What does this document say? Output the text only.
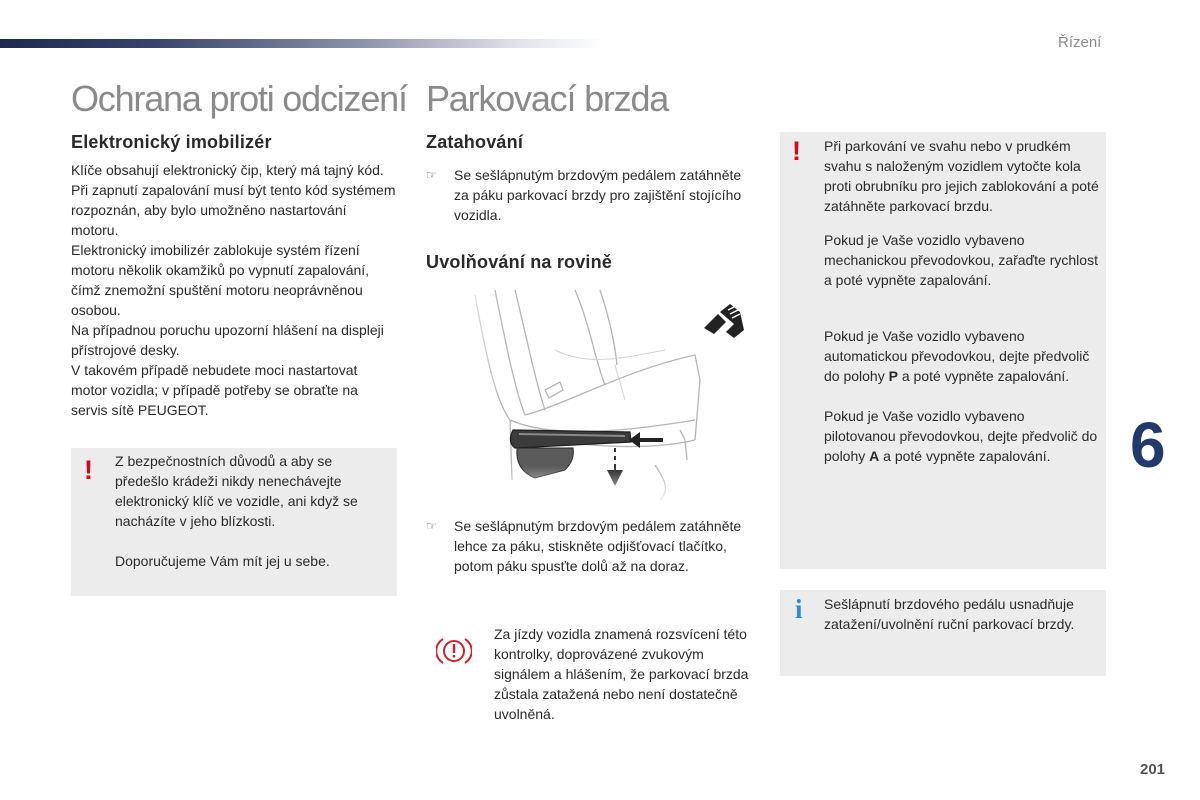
Řízení
Ochrana proti odcizení
Elektronický imobilizér

Klíče obsahují elektronický čip, který má tajný kód. Při zapnutí zapalování musí být tento kód systémem rozpoznán, aby bylo umožněno nastartování motoru.

Elektronický imobilizér zablokuje systém řízení motoru několik okamžiků po vypnutí zapalování, čímž znemožní spuštění motoru neoprávněnou osobou.

Na případnou poruchu upozorní hlášení na displeji přístrojové desky.

V takovém případě nebudete moci nastartovat motor vozidla; v případě potřeby se obraťte na servis sítě PEUGEOT.

! Z bezpečnostních důvodů a aby se předešlo krádeži nikdy nenechávejte elektronický klíč ve vozidle, ani když se nacházíte v jeho blízkosti.

Doporučujeme Vám mít jej u sebe.

Parkovací brzda
Zatahování
☞ Se sešlápnutým brzdovým pedálem zatáhněte za páku parkovací brzdy pro zajištění stojícího vozidla.
Uvolňování na rovině
☞ Se sešlápnutým brzdovým pedálem zatáhněte lehce za páku, stiskněte odjišťovací tlačítko, potom páku spusťte dolů až na doraz.
Za jízdy vozidla znamená rozsvícení této kontrolky, doprovázené zvukovým signálem a hlášením, že parkovací brzda zůstala zatažená nebo není dostatečně uvolněná.
! Při parkování ve svahu nebo v prudkém svahu s naloženým vozidlem vytočte kola proti obrubníku pro jejich zablokování a poté zatáhněte parkovací brzdu.

Pokud je Vaše vozidlo vybaveno mechanickou převodovkou, zařaďte rychlost a poté vypněte zapalování.

Pokud je Vaše vozidlo vybaveno automatickou převodovkou, dejte předvolič do polohy P a poté vypněte zapalování.

Pokud je Vaše vozidlo vybaveno pilotovanou převodovkou, dejte předvolič do polohy A a poté vypněte zapalování.

i Sešlápnutí brzdového pedálu usnadňuje zatažení/uvolnění ruční parkovací brzdy.
6
201
